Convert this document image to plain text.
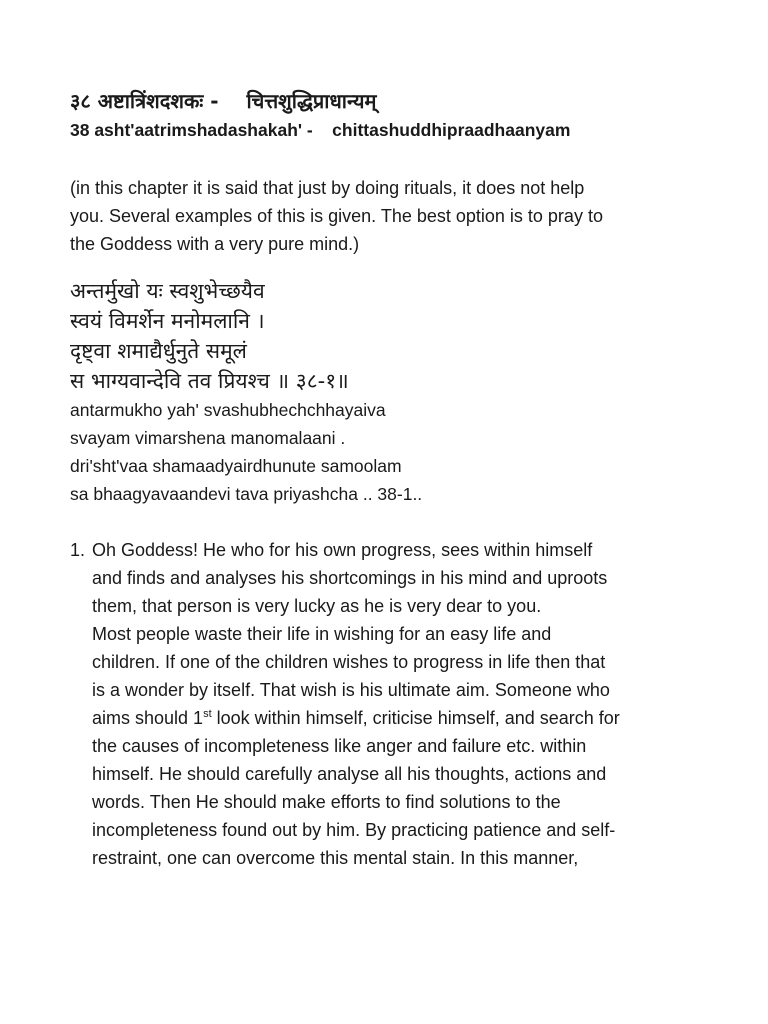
३८ अष्टात्रिंशदशकः -    चित्तशुद्धिप्राधान्यम्
38 asht'aatrimshadashakah' -    chittashuddhipraadhaanyam
(in this chapter it is said that just by doing rituals, it does not help
you. Several examples of this is given. The best option is to pray to
the Goddess with a very pure mind.)
अन्तर्मुखो यः स्वशुभेच्छयैव
स्वयं विमर्शेन मनोमलानि ।
दृष्ट्वा शमाद्यैर्धुनुते समूलं
स भाग्यवान्देवि तव प्रियश्च ॥ ३८-१॥
antarmukho yah' svashubhechchhayaiva
svayam vimarshena manomalaani .
dri'sht'vaa shamaadyairdhunute samoolam
sa bhaagyavaandevi tava priyashcha .. 38-1..
1. Oh Goddess! He who for his own progress, sees within himself
and finds and analyses his shortcomings in his mind and uproots
them, that person is very lucky as he is very dear to you.
Most people waste their life in wishing for an easy life and
children. If one of the children wishes to progress in life then that
is a wonder by itself. That wish is his ultimate aim. Someone who
aims should 1st look within himself, criticise himself, and search for
the causes of incompleteness like anger and failure etc. within
himself. He should carefully analyse all his thoughts, actions and
words. Then He should make efforts to find solutions to the
incompleteness found out by him. By practicing patience and self-
restraint, one can overcome this mental stain. In this manner,
